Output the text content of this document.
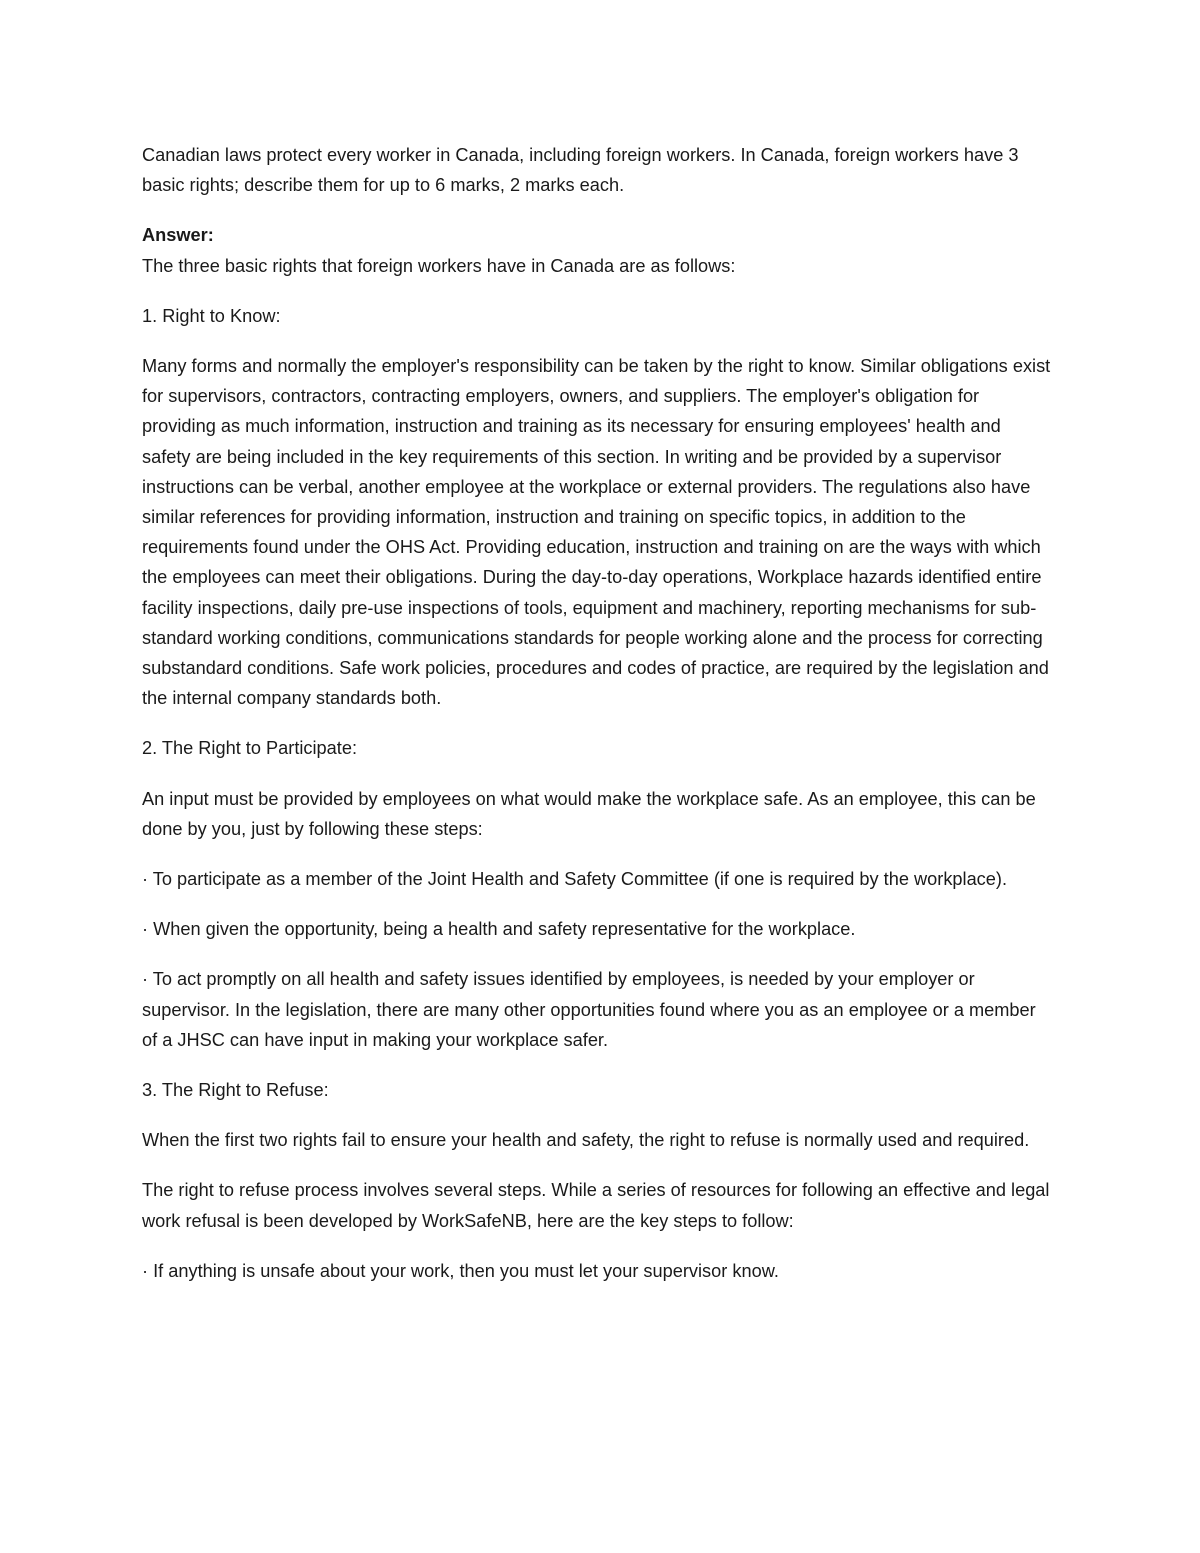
Canadian laws protect every worker in Canada, including foreign workers. In Canada, foreign workers have 3 basic rights; describe them for up to 6 marks, 2 marks each.

Answer:
The three basic rights that foreign workers have in Canada are as follows:

1. Right to Know:

Many forms and normally the employer's responsibility can be taken by the right to know. Similar obligations exist for supervisors, contractors, contracting employers, owners, and suppliers. The employer's obligation for providing as much information, instruction and training as its necessary for ensuring employees' health and safety are being included in the key requirements of this section. In writing and be provided by a supervisor instructions can be verbal, another employee at the workplace or external providers. The regulations also have similar references for providing information, instruction and training on specific topics, in addition to the requirements found under the OHS Act. Providing education, instruction and training on are the ways with which the employees can meet their obligations. During the day-to-day operations, Workplace hazards identified entire facility inspections, daily pre-use inspections of tools, equipment and machinery, reporting mechanisms for sub-standard working conditions, communications standards for people working alone and the process for correcting substandard conditions. Safe work policies, procedures and codes of practice, are required by the legislation and the internal company standards both.

2. The Right to Participate:

An input must be provided by employees on what would make the workplace safe. As an employee, this can be done by you, just by following these steps:

· To participate as a member of the Joint Health and Safety Committee (if one is required by the workplace).

· When given the opportunity, being a health and safety representative for the workplace.

· To act promptly on all health and safety issues identified by employees, is needed by your employer or supervisor. In the legislation, there are many other opportunities found where you as an employee or a member of a JHSC can have input in making your workplace safer.

3. The Right to Refuse:

When the first two rights fail to ensure your health and safety, the right to refuse is normally used and required.

The right to refuse process involves several steps. While a series of resources for following an effective and legal work refusal is been developed by WorkSafeNB, here are the key steps to follow:

· If anything is unsafe about your work, then you must let your supervisor know.
